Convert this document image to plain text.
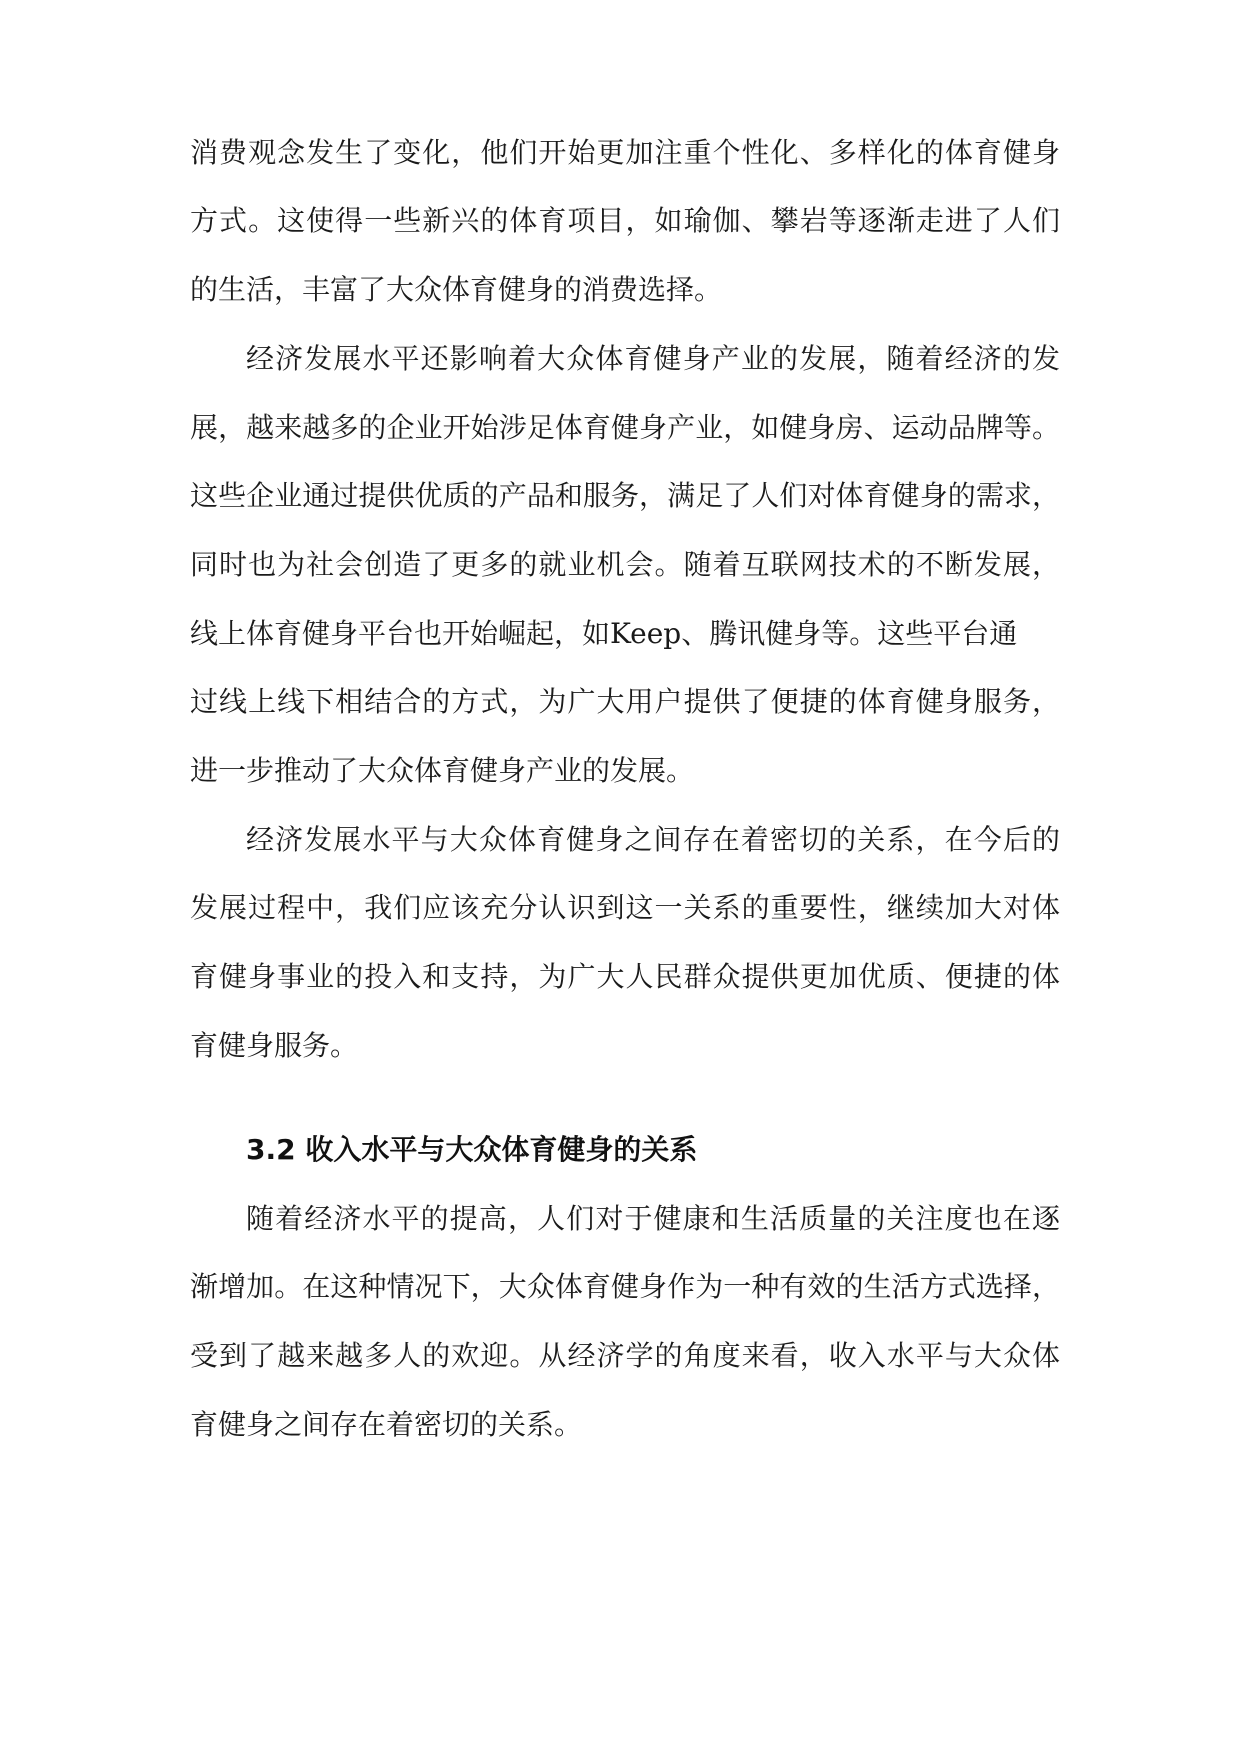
消费观念发生了变化，他们开始更加注重个性化、多样化的体育健身
方式。这使得一些新兴的体育项目，如瑜伽、攀岩等逐渐走进了人们
的生活，丰富了大众体育健身的消费选择。
经济发展水平还影响着大众体育健身产业的发展，随着经济的发
展，越来越多的企业开始涉足体育健身产业，如健身房、运动品牌等。
这些企业通过提供优质的产品和服务，满足了人们对体育健身的需求，
同时也为社会创造了更多的就业机会。随着互联网技术的不断发展，
线上体育健身平台也开始崛起，如Keep、腾讯健身等。这些平台通
过线上线下相结合的方式，为广大用户提供了便捷的体育健身服务，
进一步推动了大众体育健身产业的发展。
经济发展水平与大众体育健身之间存在着密切的关系，在今后的
发展过程中，我们应该充分认识到这一关系的重要性，继续加大对体
育健身事业的投入和支持，为广大人民群众提供更加优质、便捷的体
育健身服务。
3.2 收入水平与大众体育健身的关系
随着经济水平的提高，人们对于健康和生活质量的关注度也在逐
渐增加。在这种情况下，大众体育健身作为一种有效的生活方式选择，
受到了越来越多人的欢迎。从经济学的角度来看，收入水平与大众体
育健身之间存在着密切的关系。
